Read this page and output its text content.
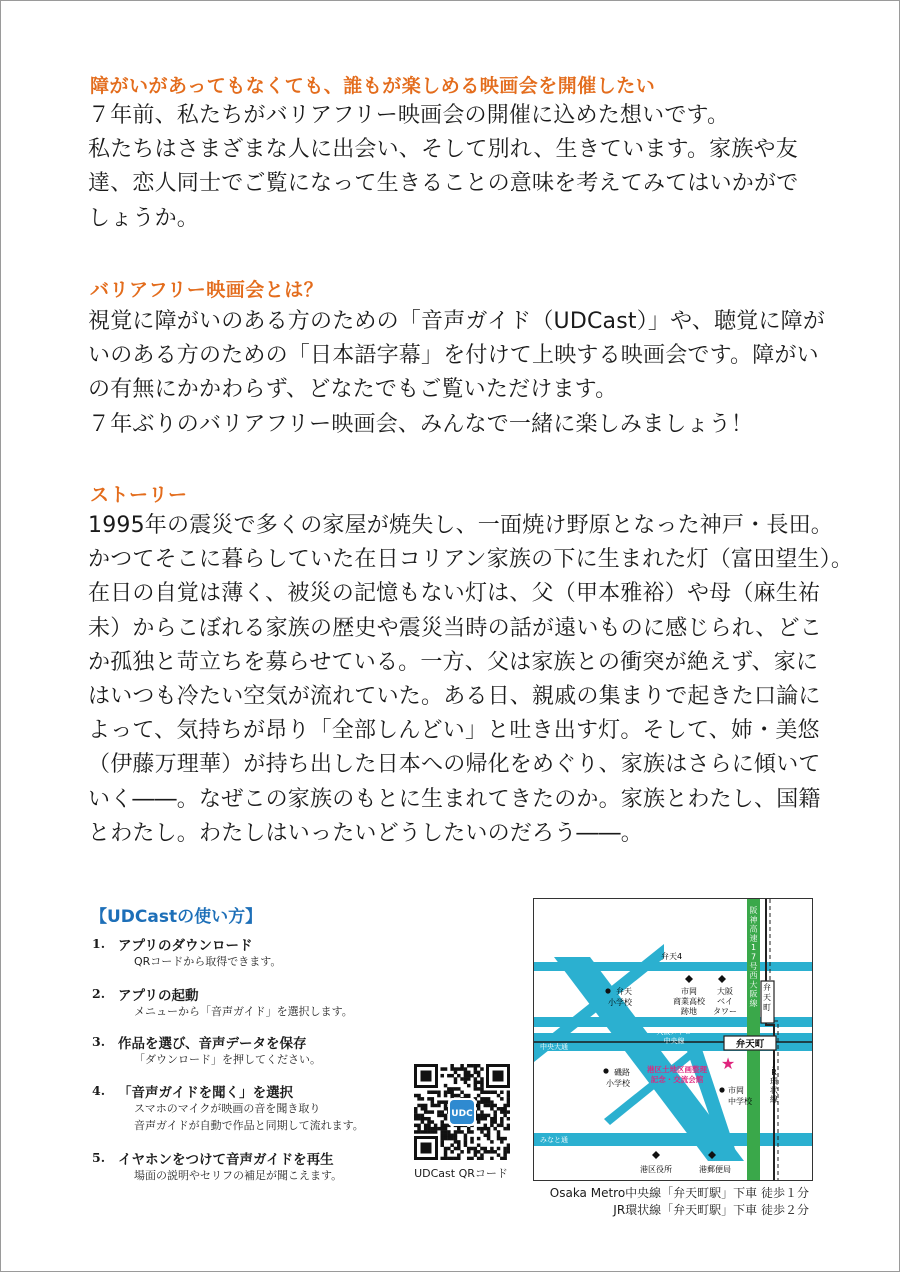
障がいがあってもなくても、誰もが楽しめる映画会を開催したい
７年前、私たちがバリアフリー映画会の開催に込めた想いです。
私たちはさまざまな人に出会い、そして別れ、生きています。家族や友
達、恋人同士でご覧になって生きることの意味を考えてみてはいかがで
しょうか。
バリアフリー映画会とは？
視覚に障がいのある方のための「音声ガイド（UDCast）」や、聴覚に障が
いのある方のための「日本語字幕」を付けて上映する映画会です。障がい
の有無にかかわらず、どなたでもご覧いただけます。
７年ぶりのバリアフリー映画会、みんなで一緒に楽しみましょう！
ストーリー
1995年の震災で多くの家屋が焼失し、一面焼け野原となった神戸・長田。
かつてそこに暮らしていた在日コリアン家族の下に生まれた灯（富田望生）。
在日の自覚は薄く、被災の記憶もない灯は、父（甲本雅裕）や母（麻生祐
未）からこぼれる家族の歴史や震災当時の話が遠いものに感じられ、どこ
か孤独と苛立ちを募らせている。一方、父は家族との衝突が絶えず、家に
はいつも冷たい空気が流れていた。ある日、親戚の集まりで起きた口論に
よって、気持ちが昂り「全部しんどい」と吐き出す灯。そして、姉・美悠
（伊藤万理華）が持ち出した日本への帰化をめぐり、家族はさらに傾いて
いく――。なぜこの家族のもとに生まれてきたのか。家族とわたし、国籍
とわたし。わたしはいったいどうしたいのだろう――。
【UDCastの使い方】
1. アプリのダウンロード
QRコードから取得できます。
2. アプリの起動
メニューから「音声ガイド」を選択します。
3. 作品を選び、音声データを保存
「ダウンロード」を押してください。
4. 「音声ガイドを聞く」を選択
スマホのマイクが映画の音を聞き取り
音声ガイドが自動で作品と同期して流れます。
5. イヤホンをつけて音声ガイドを再生
場面の説明やセリフの補足が聞こえます。
UDC
UDCast QRコード
弁天町
弁天町
阪神高速 1 7 号西大阪線
弁天4
弁天小学校
市岡商業高校跡地
大阪ベイタワー
大阪メトロ中央線
中央大通
磯路小学校
港区土地区画整理記念・交流会館
★
市岡中学校
J R 環状線
みなと通
港区役所	港郵便局
Osaka Metro中央線「弁天町駅」下車 徒歩１分
JR環状線「弁天町駅」下車 徒歩２分
